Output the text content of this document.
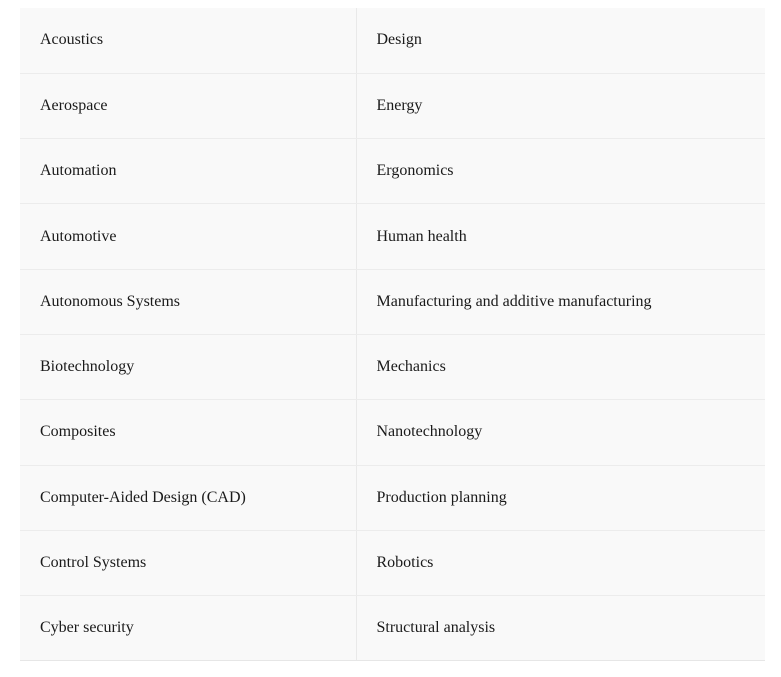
Acoustics	Design
Aerospace	Energy
Automation	Ergonomics
Automotive	Human health
Autonomous Systems	Manufacturing and additive manufacturing
Biotechnology	Mechanics
Composites	Nanotechnology
Computer-Aided Design (CAD)	Production planning
Control Systems	Robotics
Cyber security	Structural analysis
